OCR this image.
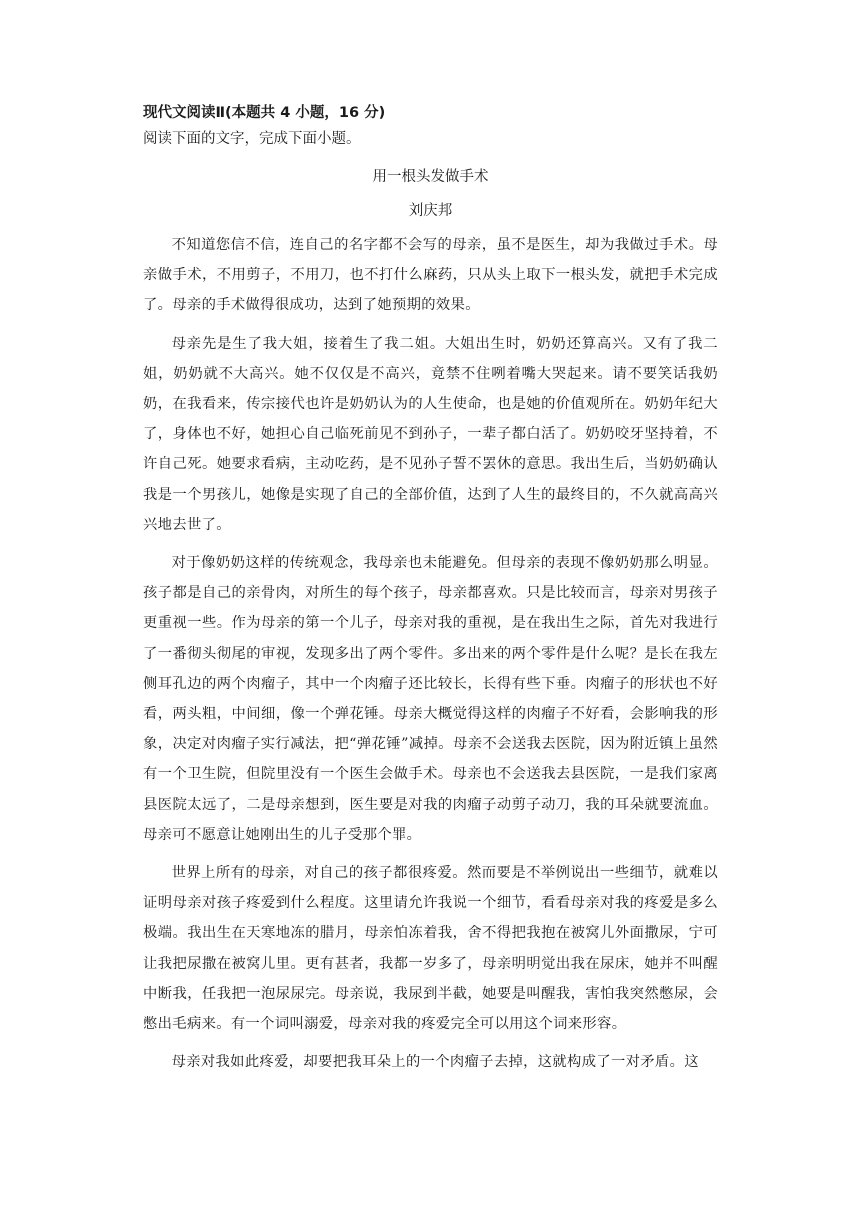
现代文阅读Ⅱ(本题共 4 小题，16 分)

阅读下面的文字，完成下面小题。

用一根头发做手术

刘庆邦

不知道您信不信，连自己的名字都不会写的母亲，虽不是医生，却为我做过手术。母亲做手术，不用剪子，不用刀，也不打什么麻药，只从头上取下一根头发，就把手术完成了。母亲的手术做得很成功，达到了她预期的效果。

母亲先是生了我大姐，接着生了我二姐。大姐出生时，奶奶还算高兴。又有了我二姐，奶奶就不大高兴。她不仅仅是不高兴，竟禁不住咧着嘴大哭起来。请不要笑话我奶奶，在我看来，传宗接代也许是奶奶认为的人生使命，也是她的价值观所在。奶奶年纪大了，身体也不好，她担心自己临死前见不到孙子，一辈子都白活了。奶奶咬牙坚持着，不许自己死。她要求看病，主动吃药，是不见孙子誓不罢休的意思。我出生后，当奶奶确认我是一个男孩儿，她像是实现了自己的全部价值，达到了人生的最终目的，不久就高高兴兴地去世了。

对于像奶奶这样的传统观念，我母亲也未能避免。但母亲的表现不像奶奶那么明显。孩子都是自己的亲骨肉，对所生的每个孩子，母亲都喜欢。只是比较而言，母亲对男孩子更重视一些。作为母亲的第一个儿子，母亲对我的重视，是在我出生之际，首先对我进行了一番彻头彻尾的审视，发现多出了两个零件。多出来的两个零件是什么呢？是长在我左侧耳孔边的两个肉瘤子，其中一个肉瘤子还比较长，长得有些下垂。肉瘤子的形状也不好看，两头粗，中间细，像一个弹花锤。母亲大概觉得这样的肉瘤子不好看，会影响我的形象，决定对肉瘤子实行减法，把“弹花锤”减掉。母亲不会送我去医院，因为附近镇上虽然有一个卫生院，但院里没有一个医生会做手术。母亲也不会送我去县医院，一是我们家离县医院太远了，二是母亲想到，医生要是对我的肉瘤子动剪子动刀，我的耳朵就要流血。母亲可不愿意让她刚出生的儿子受那个罪。

世界上所有的母亲，对自己的孩子都很疼爱。然而要是不举例说出一些细节，就难以证明母亲对孩子疼爱到什么程度。这里请允许我说一个细节，看看母亲对我的疼爱是多么极端。我出生在天寒地冻的腊月，母亲怕冻着我，舍不得把我抱在被窝儿外面撒尿，宁可让我把尿撒在被窝儿里。更有甚者，我都一岁多了，母亲明明觉出我在尿床，她并不叫醒中断我，任我把一泡尿尿完。母亲说，我尿到半截，她要是叫醒我，害怕我突然憋尿，会憋出毛病来。有一个词叫溺爱，母亲对我的疼爱完全可以用这个词来形容。

母亲对我如此疼爱，却要把我耳朵上的一个肉瘤子去掉，这就构成了一对矛盾。这
